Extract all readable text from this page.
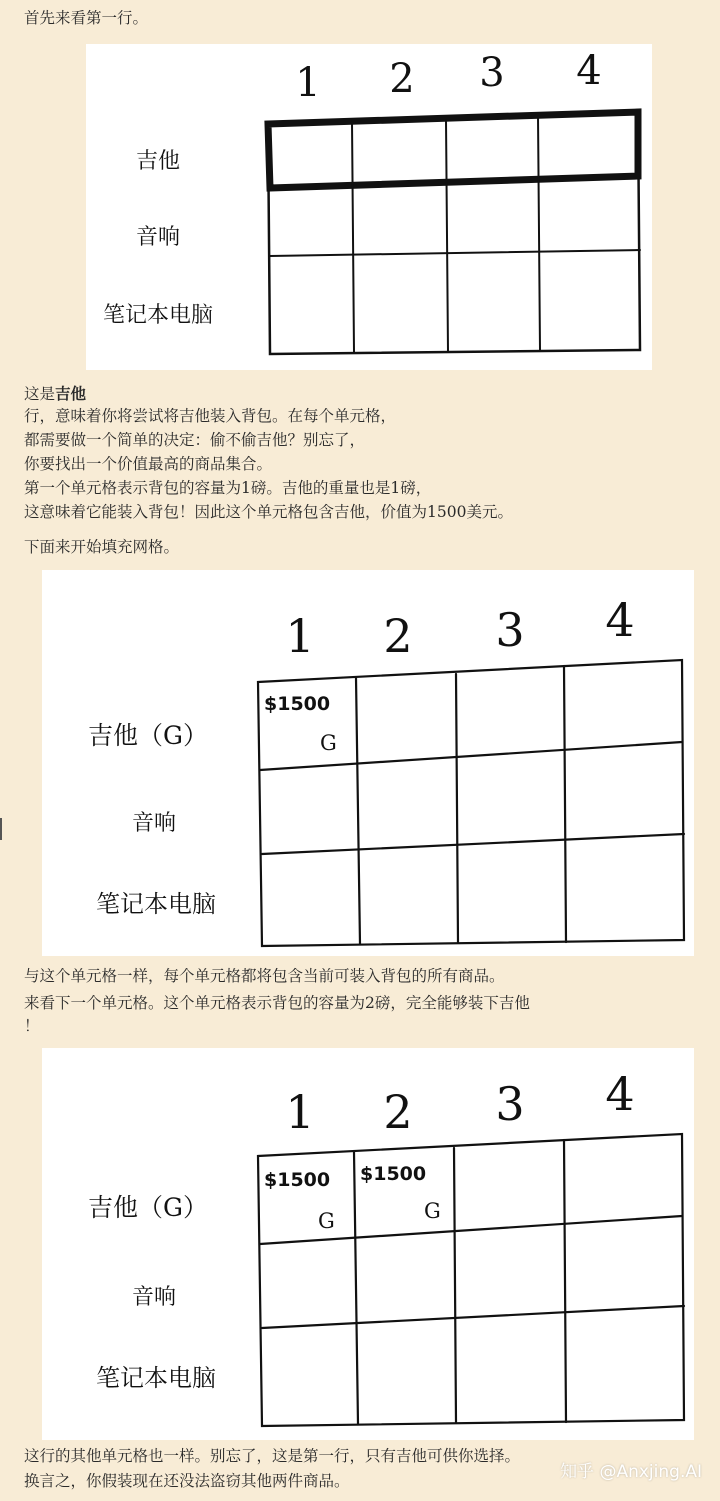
首先来看第一行。
1 2 3 4
吉他
音响
笔记本电脑
这是吉他
行，意味着你将尝试将吉他装入背包。在每个单元格，
都需要做一个简单的决定：偷不偷吉他？别忘了，
你要找出一个价值最高的商品集合。
第一个单元格表示背包的容量为1磅。吉他的重量也是1磅，
这意味着它能装入背包！因此这个单元格包含吉他，价值为1500美元。
下面来开始填充网格。
1 2 3 4
吉他（G）
音响
笔记本电脑
$1500
G
与这个单元格一样，每个单元格都将包含当前可装入背包的所有商品。
来看下一个单元格。这个单元格表示背包的容量为2磅，完全能够装下吉他
！
1 2 3 4
吉他（G）
音响
笔记本电脑
$1500
G
$1500
G
这行的其他单元格也一样。别忘了，这是第一行，只有吉他可供你选择。
换言之，你假装现在还没法盗窃其他两件商品。	知乎 @Anxjing.AI
